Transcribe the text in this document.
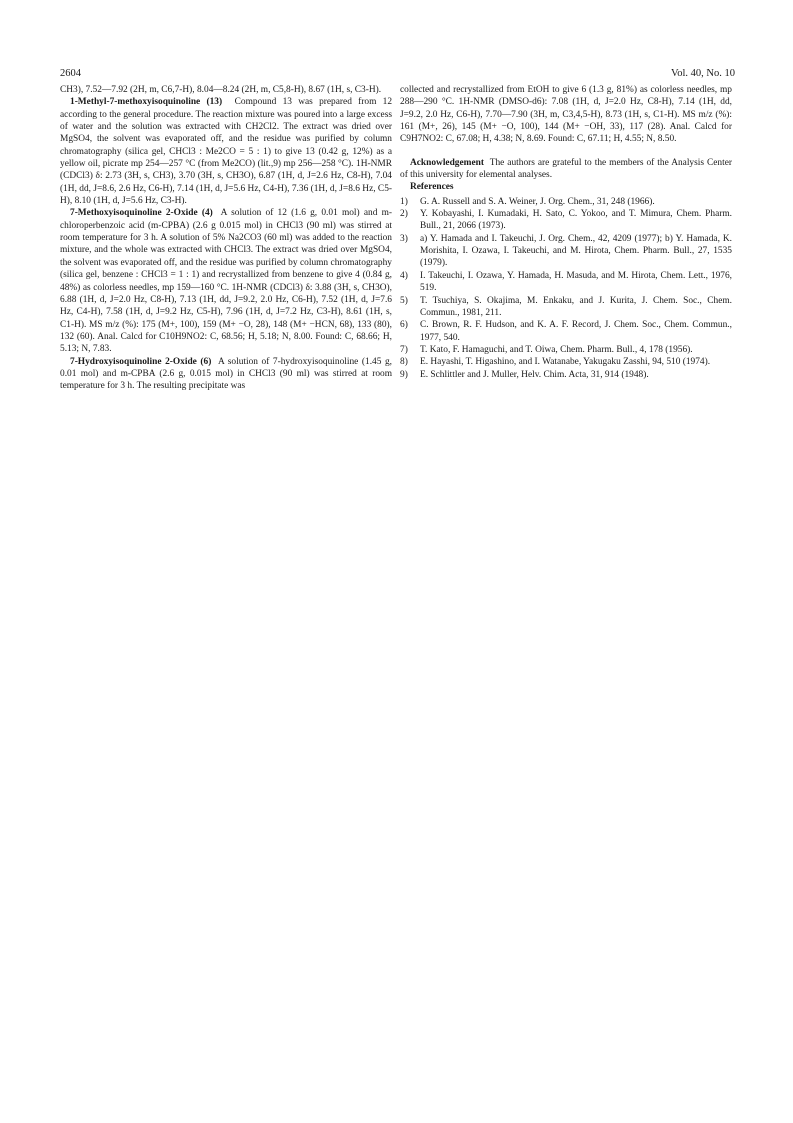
2604	Vol. 40, No. 10

CH3), 7.52—7.92 (2H, m, C6,7-H), 8.04—8.24 (2H, m, C5,8-H), 8.67 (1H, s, C3-H).

1-Methyl-7-methoxyisoquinoline (13) Compound 13 was prepared from 12 according to the general procedure. The reaction mixture was poured into a large excess of water and the solution was extracted with CH2Cl2. The extract was dried over MgSO4, the solvent was evaporated off, and the residue was purified by column chromatography (silica gel, CHCl3 : Me2CO = 5 : 1) to give 13 (0.42 g, 12%) as a yellow oil, picrate mp 254—257 °C (from Me2CO) (lit.,9) mp 256—258 °C). 1H-NMR (CDCl3) δ: 2.73 (3H, s, CH3), 3.70 (3H, s, CH3O), 6.87 (1H, d, J=2.6 Hz, C8-H), 7.04 (1H, dd, J=8.6, 2.6 Hz, C6-H), 7.14 (1H, d, J=5.6 Hz, C4-H), 7.36 (1H, d, J=8.6 Hz, C5-H), 8.10 (1H, d, J=5.6 Hz, C3-H).

7-Methoxyisoquinoline 2-Oxide (4) A solution of 12 (1.6 g, 0.01 mol) and m-chloroperbenzoic acid (m-CPBA) (2.6 g 0.015 mol) in CHCl3 (90 ml) was stirred at room temperature for 3 h. A solution of 5% Na2CO3 (60 ml) was added to the reaction mixture, and the whole was extracted with CHCl3. The extract was dried over MgSO4, the solvent was evaporated off, and the residue was purified by column chromatography (silica gel, benzene : CHCl3 = 1 : 1) and recrystallized from benzene to give 4 (0.84 g, 48%) as colorless needles, mp 159—160 °C. 1H-NMR (CDCl3) δ: 3.88 (3H, s, CH3O), 6.88 (1H, d, J=2.0 Hz, C8-H), 7.13 (1H, dd, J=9.2, 2.0 Hz, C6-H), 7.52 (1H, d, J=7.6 Hz, C4-H), 7.58 (1H, d, J=9.2 Hz, C5-H), 7.96 (1H, d, J=7.2 Hz, C3-H), 8.61 (1H, s, C1-H). MS m/z (%): 175 (M+, 100), 159 (M+ −O, 28), 148 (M+ −HCN, 68), 133 (80), 132 (60). Anal. Calcd for C10H9NO2: C, 68.56; H, 5.18; N, 8.00. Found: C, 68.66; H, 5.13; N, 7.83.

7-Hydroxyisoquinoline 2-Oxide (6) A solution of 7-hydroxyisoquinoline (1.45 g, 0.01 mol) and m-CPBA (2.6 g, 0.015 mol) in CHCl3 (90 ml) was stirred at room temperature for 3 h. The resulting precipitate was

collected and recrystallized from EtOH to give 6 (1.3 g, 81%) as colorless needles, mp 288—290 °C. 1H-NMR (DMSO-d6): 7.08 (1H, d, J=2.0 Hz, C8-H), 7.14 (1H, dd, J=9.2, 2.0 Hz, C6-H), 7.70—7.90 (3H, m, C3,4,5-H), 8.73 (1H, s, C1-H). MS m/z (%): 161 (M+, 26), 145 (M+ −O, 100), 144 (M+ −OH, 33), 117 (28). Anal. Calcd for C9H7NO2: C, 67.08; H, 4.38; N, 8.69. Found: C, 67.11; H, 4.55; N, 8.50.

Acknowledgement The authors are grateful to the members of the Analysis Center of this university for elemental analyses.

References

1)	G. A. Russell and S. A. Weiner, J. Org. Chem., 31, 248 (1966).
2)	Y. Kobayashi, I. Kumadaki, H. Sato, C. Yokoo, and T. Mimura, Chem. Pharm. Bull., 21, 2066 (1973).
3)	a) Y. Hamada and I. Takeuchi, J. Org. Chem., 42, 4209 (1977); b) Y. Hamada, K. Morishita, I. Ozawa, I. Takeuchi, and M. Hirota, Chem. Pharm. Bull., 27, 1535 (1979).
4)	I. Takeuchi, I. Ozawa, Y. Hamada, H. Masuda, and M. Hirota, Chem. Lett., 1976, 519.
5)	T. Tsuchiya, S. Okajima, M. Enkaku, and J. Kurita, J. Chem. Soc., Chem. Commun., 1981, 211.
6)	C. Brown, R. F. Hudson, and K. A. F. Record, J. Chem. Soc., Chem. Commun., 1977, 540.
7)	T. Kato, F. Hamaguchi, and T. Oiwa, Chem. Pharm. Bull., 4, 178 (1956).
8)	E. Hayashi, T. Higashino, and I. Watanabe, Yakugaku Zasshi, 94, 510 (1974).
9)	E. Schlittler and J. Muller, Helv. Chim. Acta, 31, 914 (1948).
